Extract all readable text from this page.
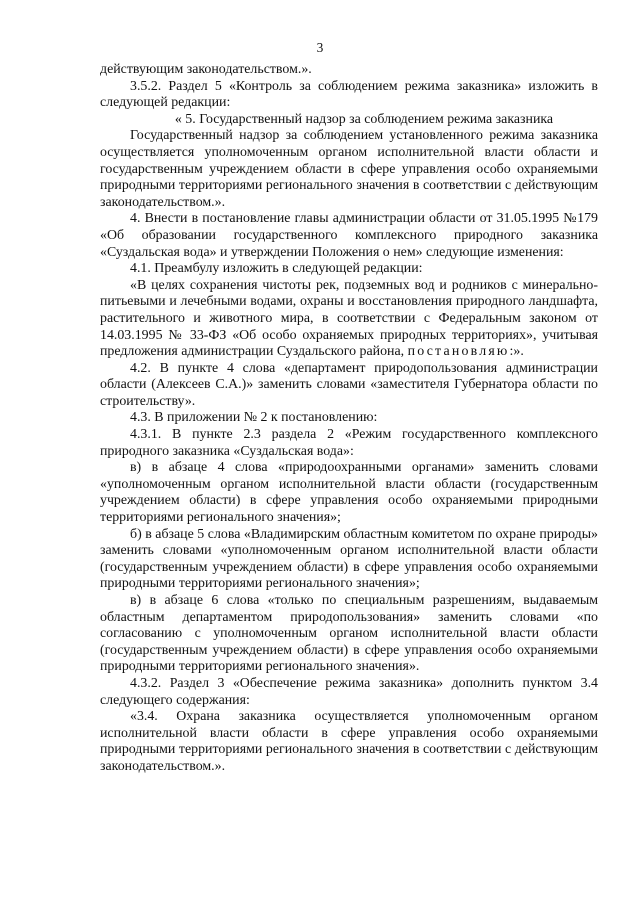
3

действующим законодательством.».

3.5.2. Раздел 5 «Контроль за соблюдением режима заказника» изложить в следующей редакции:

« 5. Государственный надзор за соблюдением режима заказника

Государственный надзор за соблюдением установленного режима заказника осуществляется уполномоченным органом исполнительной власти области и государственным учреждением области в сфере управления особо охраняемыми природными территориями регионального значения в соответствии с действующим законодательством.».

4. Внести в постановление главы администрации области от 31.05.1995 №179 «Об образовании государственного комплексного природного заказника «Суздальская вода» и утверждении Положения о нем» следующие изменения:

4.1. Преамбулу изложить в следующей редакции:

«В целях сохранения чистоты рек, подземных вод и родников с минерально-питьевыми и лечебными водами, охраны и восстановления природного ландшафта, растительного и животного мира, в соответствии с Федеральным законом от 14.03.1995 № 33-ФЗ «Об особо охраняемых природных территориях», учитывая предложения администрации Суздальского района, постановляю:».

4.2. В пункте 4 слова «департамент природопользования администрации области (Алексеев С.А.)» заменить словами «заместителя Губернатора области по строительству».

4.3. В приложении № 2 к постановлению:

4.3.1. В пункте 2.3 раздела 2 «Режим государственного комплексного природного заказника «Суздальская вода»:

в) в абзаце 4 слова «природоохранными органами» заменить словами «уполномоченным органом исполнительной власти области (государственным учреждением области) в сфере управления особо охраняемыми природными территориями регионального значения»;

б) в абзаце 5 слова «Владимирским областным комитетом по охране природы» заменить словами «уполномоченным органом исполнительной власти области (государственным учреждением области) в сфере управления особо охраняемыми природными территориями регионального значения»;

в) в абзаце 6 слова «только по специальным разрешениям, выдаваемым областным департаментом природопользования» заменить словами «по согласованию с уполномоченным органом исполнительной власти области (государственным учреждением области) в сфере управления особо охраняемыми природными территориями регионального значения».

4.3.2. Раздел 3 «Обеспечение режима заказника» дополнить пунктом 3.4 следующего содержания:

«3.4. Охрана заказника осуществляется уполномоченным органом исполнительной власти области в сфере управления особо охраняемыми природными территориями регионального значения в соответствии с действующим законодательством.».
